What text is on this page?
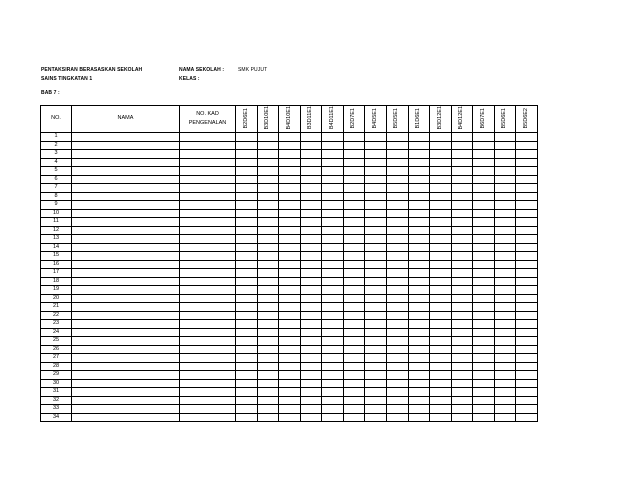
PENTAKSIRAN BERASASKAN SEKOLAH
SAINS TINGKATAN 1
NAMA SEKOLAH :
KELAS :
SMK PUJUT
BAB 7 :
NO.	NAMA	NO. KAD
PENGENALAN	B2D6E1	B3D10E1	B4D10E1	B3D11E1	B4D11E1	B2D7E1	B4D5E1	B5D5E1	B1D6E1	B3D12E1	B4D12E1	B6D7E1	B5D6E1	B5D6E2
1																
2																
3																
4																
5																
6																
7																
8																
9																
10																
11																
12																
13																
14																
15																
16																
17																
18																
19																
20																
21																
22																
23																
24																
25																
26																
27																
28																
29																
30																
31																
32																
33																
34																
